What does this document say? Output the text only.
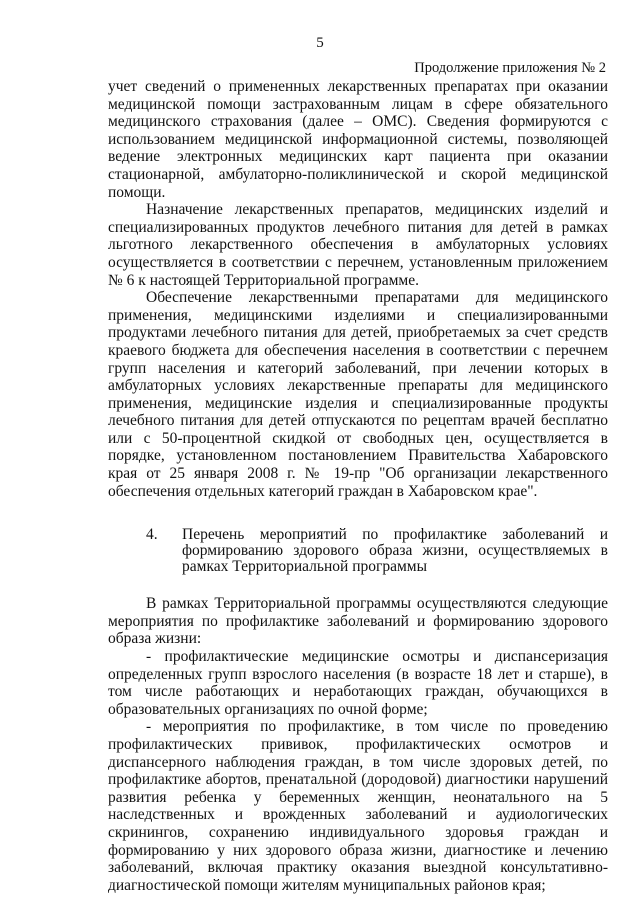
5
Продолжение приложения № 2

учет сведений о примененных лекарственных препаратах при оказании медицинской помощи застрахованным лицам в сфере обязательного медицинского страхования (далее – ОМС). Сведения формируются с использованием медицинской информационной системы, позволяющей ведение электронных медицинских карт пациента при оказании стационарной, амбулаторно-поликлинической и скорой медицинской помощи.

Назначение лекарственных препаратов, медицинских изделий и специализированных продуктов лечебного питания для детей в рамках льготного лекарственного обеспечения в амбулаторных условиях осуществляется в соответствии с перечнем, установленным приложением № 6 к настоящей Территориальной программе.

Обеспечение лекарственными препаратами для медицинского применения, медицинскими изделиями и специализированными продуктами лечебного питания для детей, приобретаемых за счет средств краевого бюджета для обеспечения населения в соответствии с перечнем групп населения и категорий заболеваний, при лечении которых в амбулаторных условиях лекарственные препараты для медицинского применения, медицинские изделия и специализированные продукты лечебного питания для детей отпускаются по рецептам врачей бесплатно или с 50-процентной скидкой от свободных цен, осуществляется в порядке, установленном постановлением Правительства Хабаровского края от 25 января 2008 г. № 19-пр "Об организации лекарственного обеспечения отдельных категорий граждан в Хабаровском крае".

4.	Перечень мероприятий по профилактике заболеваний и формированию здорового образа жизни, осуществляемых в рамках Территориальной программы

В рамках Территориальной программы осуществляются следующие мероприятия по профилактике заболеваний и формированию здорового образа жизни:

- профилактические медицинские осмотры и диспансеризация определенных групп взрослого населения (в возрасте 18 лет и старше), в том числе работающих и неработающих граждан, обучающихся в образовательных организациях по очной форме;

- мероприятия по профилактике, в том числе по проведению профилактических прививок, профилактических осмотров и диспансерного наблюдения граждан, в том числе здоровых детей, по профилактике абортов, пренатальной (дородовой) диагностики нарушений развития ребенка у беременных женщин, неонатального на 5 наследственных и врожденных заболеваний и аудиологических скринингов, сохранению индивидуального здоровья граждан и формированию у них здорового образа жизни, диагностике и лечению заболеваний, включая практику оказания выездной консультативно-диагностической помощи жителям муниципальных районов края;
